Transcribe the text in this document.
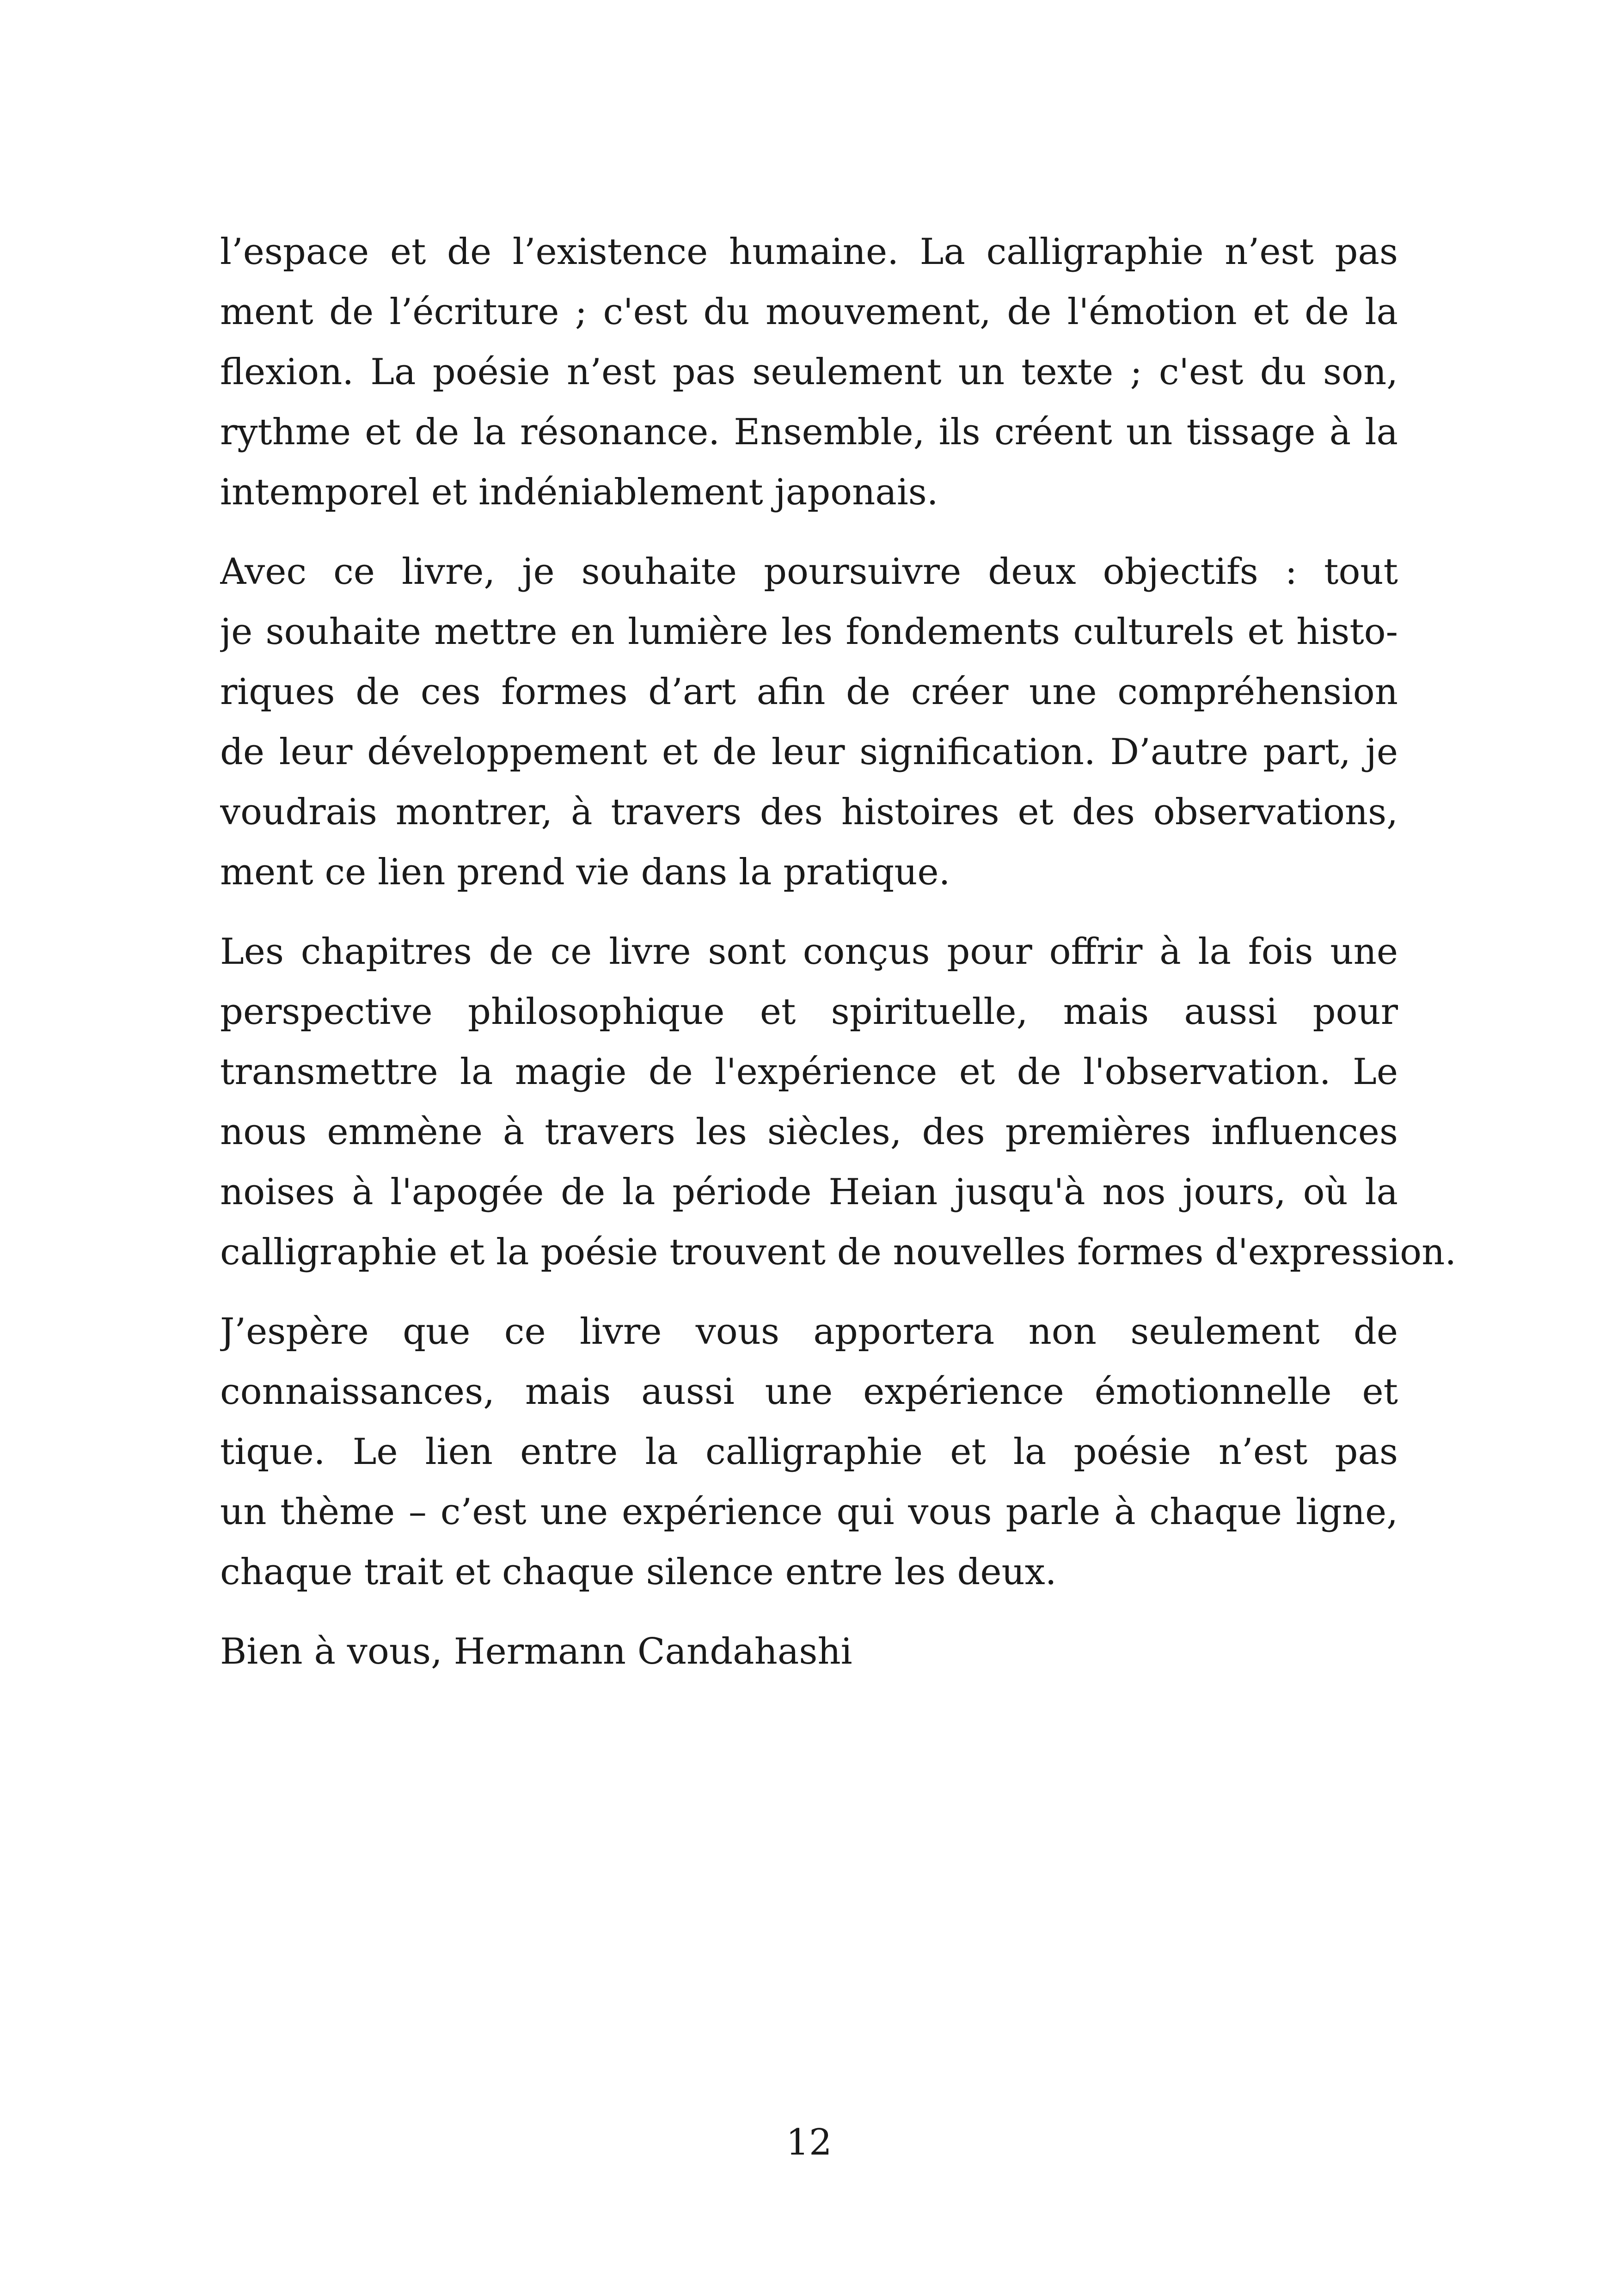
l’espace et de l’existence humaine. La calligraphie n’est pas
ment de l’écriture ; c'est du mouvement, de l'émotion et de la
flexion. La poésie n’est pas seulement un texte ; c'est du son,
rythme et de la résonance. Ensemble, ils créent un tissage à la
intemporel et indéniablement japonais.
Avec ce livre, je souhaite poursuivre deux objectifs : tout
je souhaite mettre en lumière les fondements culturels et histo-
riques de ces formes d’art afin de créer une compréhension
de leur développement et de leur signification. D’autre part, je
voudrais montrer, à travers des histoires et des observations,
ment ce lien prend vie dans la pratique.
Les chapitres de ce livre sont conçus pour offrir à la fois une
perspective philosophique et spirituelle, mais aussi pour
transmettre la magie de l'expérience et de l'observation. Le
nous emmène à travers les siècles, des premières influences
noises à l'apogée de la période Heian jusqu'à nos jours, où la
calligraphie et la poésie trouvent de nouvelles formes d'expression.
J’espère que ce livre vous apportera non seulement de
connaissances, mais aussi une expérience émotionnelle et
tique. Le lien entre la calligraphie et la poésie n’est pas
un thème – c’est une expérience qui vous parle à chaque ligne,
chaque trait et chaque silence entre les deux.
Bien à vous, Hermann Candahashi
12
